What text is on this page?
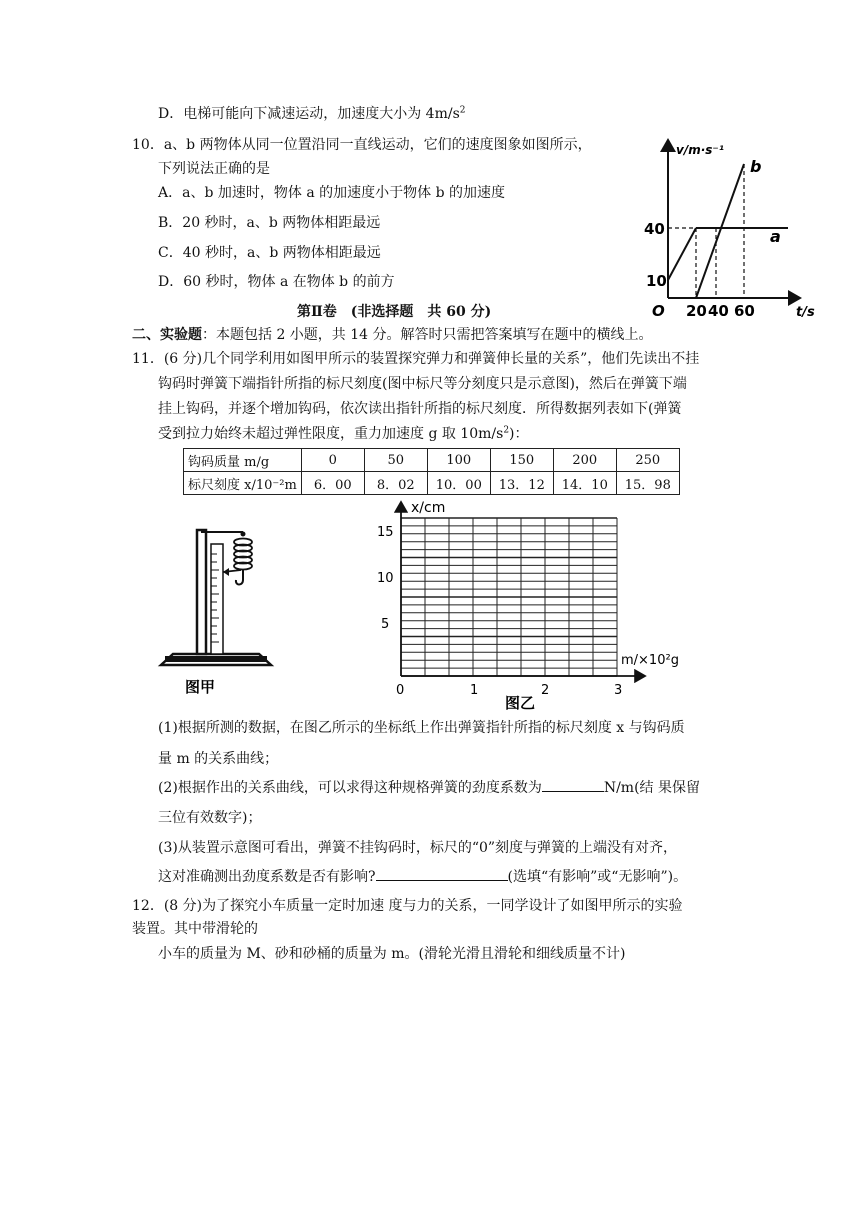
D．电梯可能向下减速运动，加速度大小为 $4m/s^2$
10．a、b 两物体从同一位置沿同一直线运动，它们的速度图象如图所示，
下列说法正确的是
A．a、b 加速时，物体 a 的加速度小于物体 b 的加速度
B．20 秒时，a、b 两物体相距最远
C．40 秒时，a、b 两物体相距最远
D．60 秒时，物体 a 在物体 b 的前方
v/m·s⁻¹
t/s
O
40
10
20 40 60
a
b
第Ⅱ卷　(非选择题　共 60 分)
二、实验题：本题包括 2 小题，共 14 分。解答时只需把答案填写在题中的横线上。
11．(6 分)几个同学利用如图甲所示的装置探究弹力和弹簧伸长量的关系”，他们先读出不挂
钩码时弹簧下端指针所指的标尺刻度(图中标尺等分刻度只是示意图)，然后在弹簧下端
挂上钩码，并逐个增加钩码，依次读出指针所指的标尺刻度．所得数据列表如下(弹簧
受到拉力始终未超过弹性限度，重力加速度 g 取 $10m/s^2$)：
钩码质量 m/g	0	50	100	150	200	250
标尺刻度 x/10⁻²m	6．00	8．02	10．00	13．12	14．10	15．98
图甲
x/cm
m/×10²g
15
10
5
0	1	2	3
图乙
(1)根据所测的数据，在图乙所示的坐标纸上作出弹簧指针所指的标尺刻度 x 与钩码质
量 m 的关系曲线；
(2)根据作出的关系曲线，可以求得这种规格弹簧的劲度系数为	N/m(结 果保留
三位有效数字)；
(3)从装置示意图可看出，弹簧不挂钩码时，标尺的“0”刻度与弹簧的上端没有对齐，
这对准确测出劲度系数是否有影响?	(选填“有影响”或“无影响”)。
12．(8 分)为了探究小车质量一定时加速 度与力的关系，一同学设计了如图甲所示的实验
装置。其中带滑轮的
小车的质量为 M、砂和砂桶的质量为 m。(滑轮光滑且滑轮和细线质量不计)
